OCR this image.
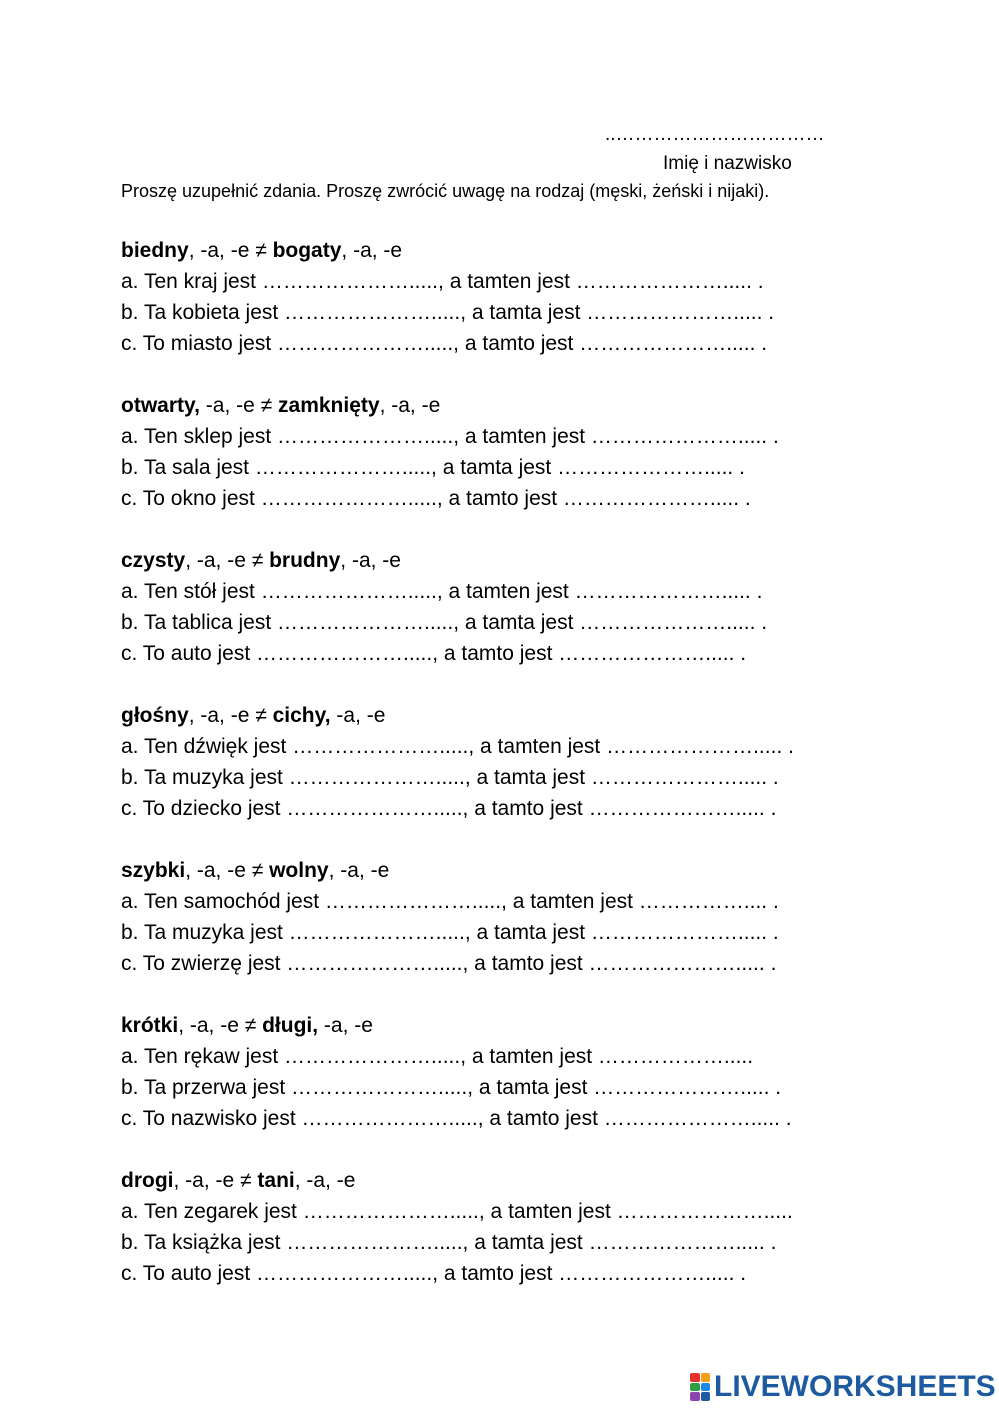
..……………………………
Imię i nazwisko
Proszę uzupełnić zdania. Proszę zwrócić uwagę na rodzaj (męski, żeński i nijaki).
biedny, -a, -e ≠ bogaty, -a, -e
a. Ten kraj jest …………………....., a tamten jest …………………..... .
b. Ta kobieta jest …………………....., a tamta jest …………………..... .
c. To miasto jest …………………....., a tamto jest …………………..... .
otwarty, -a, -e ≠ zamknięty, -a, -e
a. Ten sklep jest …………………....., a tamten jest …………………..... .
b. Ta sala jest …………………....., a tamta jest …………………..... .
c. To okno jest …………………....., a tamto jest …………………..... .
czysty, -a, -e ≠ brudny, -a, -e
a. Ten stół jest …………………....., a tamten jest …………………..... .
b. Ta tablica jest …………………....., a tamta jest …………………..... .
c. To auto jest …………………....., a tamto jest …………………..... .
głośny, -a, -e ≠ cichy, -a, -e
a. Ten dźwięk jest …………………....., a tamten jest …………………..... .
b. Ta muzyka jest …………………....., a tamta jest …………………..... .
c. To dziecko jest …………………....., a tamto jest …………………..... .
szybki, -a, -e ≠ wolny, -a, -e
a. Ten samochód jest …………………....., a tamten jest …………….... .
b. Ta muzyka jest …………………....., a tamta jest …………………..... .
c. To zwierzę jest …………………....., a tamto jest …………………..... .
krótki, -a, -e ≠ długi, -a, -e
a. Ten rękaw jest …………………....., a tamten jest ……………….....
b. Ta przerwa jest …………………....., a tamta jest …………………..... .
c. To nazwisko jest …………………....., a tamto jest …………………..... .
drogi, -a, -e ≠ tani, -a, -e
a. Ten zegarek jest …………………....., a tamten jest ………………….....
b. Ta książka jest …………………....., a tamta jest …………………..... .
c. To auto jest …………………....., a tamto jest …………………..... .
LIVEWORKSHEETS
